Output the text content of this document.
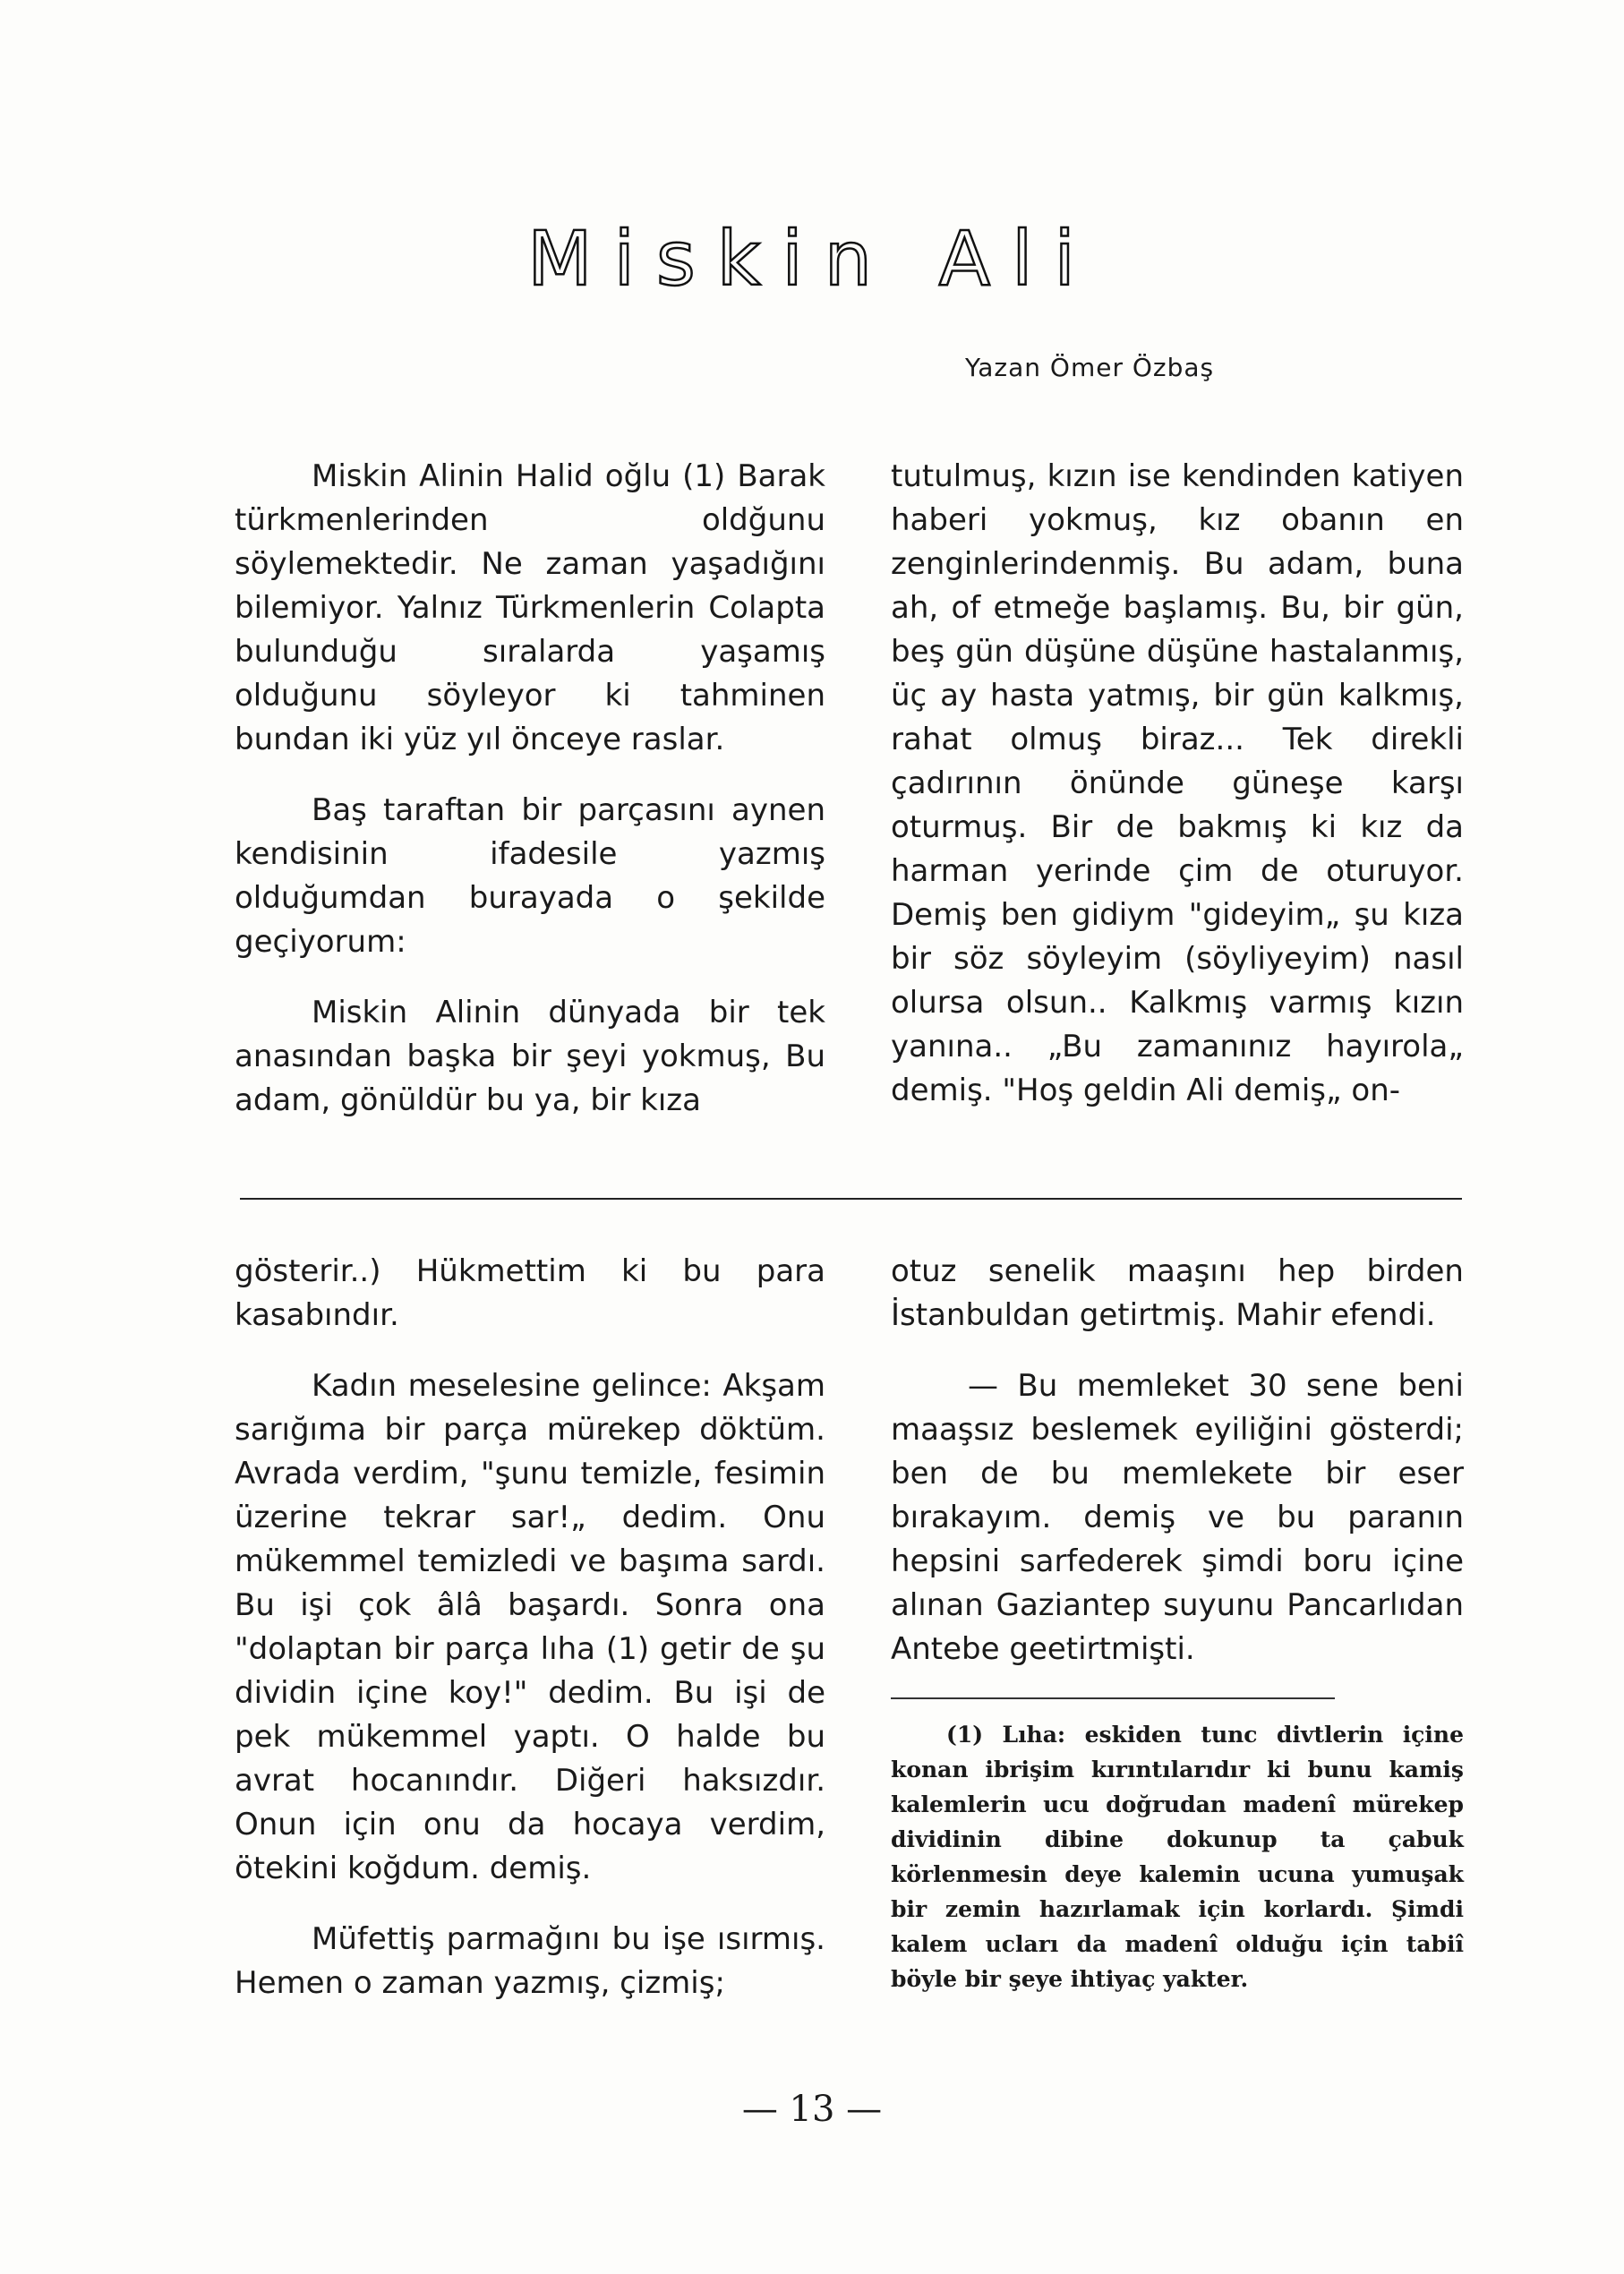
Miskin Ali
Yazan Ömer Özbaş

Miskin Alinin Halid oğlu (1) Barak türkmenlerinden oldğunu söylemektedir. Ne zaman yaşadığını bilemiyor. Yalnız Türkmenlerin Colapta bulunduğu sıralarda yaşamış olduğunu söyleyor ki tahminen bundan iki yüz yıl önceye raslar.

Baş taraftan bir parçasını aynen kendisinin ifadesile yazmış olduğumdan burayada o şekilde geçiyorum:

Miskin Alinin dünyada bir tek anasından başka bir şeyi yokmuş, Bu adam, gönüldür bu ya, bir kıza

tutulmuş, kızın ise kendinden katiyen haberi yokmuş, kız obanın en zenginlerindenmiş. Bu adam, buna ah, of etmeğe başlamış. Bu, bir gün, beş gün düşüne düşüne hastalanmış, üç ay hasta yatmış, bir gün kalkmış, rahat olmuş biraz... Tek direkli çadırının önünde güneşe karşı oturmuş. Bir de bakmış ki kız da harman yerinde çim de oturuyor. Demiş ben gidiym "gideyim„ şu kıza bir söz söyleyim (söyliyeyim) nasıl olursa olsun.. Kalkmış varmış kızın yanına.. „Bu zamanınız hayırola„ demiş. "Hoş geldin Ali demiş„ on-

gösterir..) Hükmettim ki bu para kasabındır.

Kadın meselesine gelince: Akşam sarığıma bir parça mürekep döktüm. Avrada verdim, "şunu temizle, fesimin üzerine tekrar sar!„ dedim. Onu mükemmel temizledi ve başıma sardı. Bu işi çok âlâ başardı. Sonra ona "dolaptan bir parça lıha (1) getir de şu dividin içine koy!" dedim. Bu işi de pek mükemmel yaptı. O halde bu avrat hocanındır. Diğeri haksızdır. Onun için onu da hocaya verdim, ötekini koğdum. demiş.

Müfettiş parmağını bu işe ısırmış. Hemen o zaman yazmış, çizmiş;

otuz senelik maaşını hep birden İstanbuldan getirtmiş. Mahir efendi.

— Bu memleket 30 sene beni maaşsız beslemek eyiliğini gösterdi; ben de bu memlekete bir eser bırakayım. demiş ve bu paranın hepsini sarfederek şimdi boru içine alınan Gaziantep suyunu Pancarlıdan Antebe geetirtmişti.

(1) Lıha: eskiden tunc divtlerin içine konan ibrişim kırıntılarıdır ki bunu kamiş kalemlerin ucu doğrudan madenî mürekep dividinin dibine dokunup ta çabuk körlenmesin deye kalemin ucuna yumuşak bir zemin hazırlamak için korlardı. Şimdi kalem ucları da madenî olduğu için tabiî böyle bir şeye ihtiyaç yakter.
— 13 —
